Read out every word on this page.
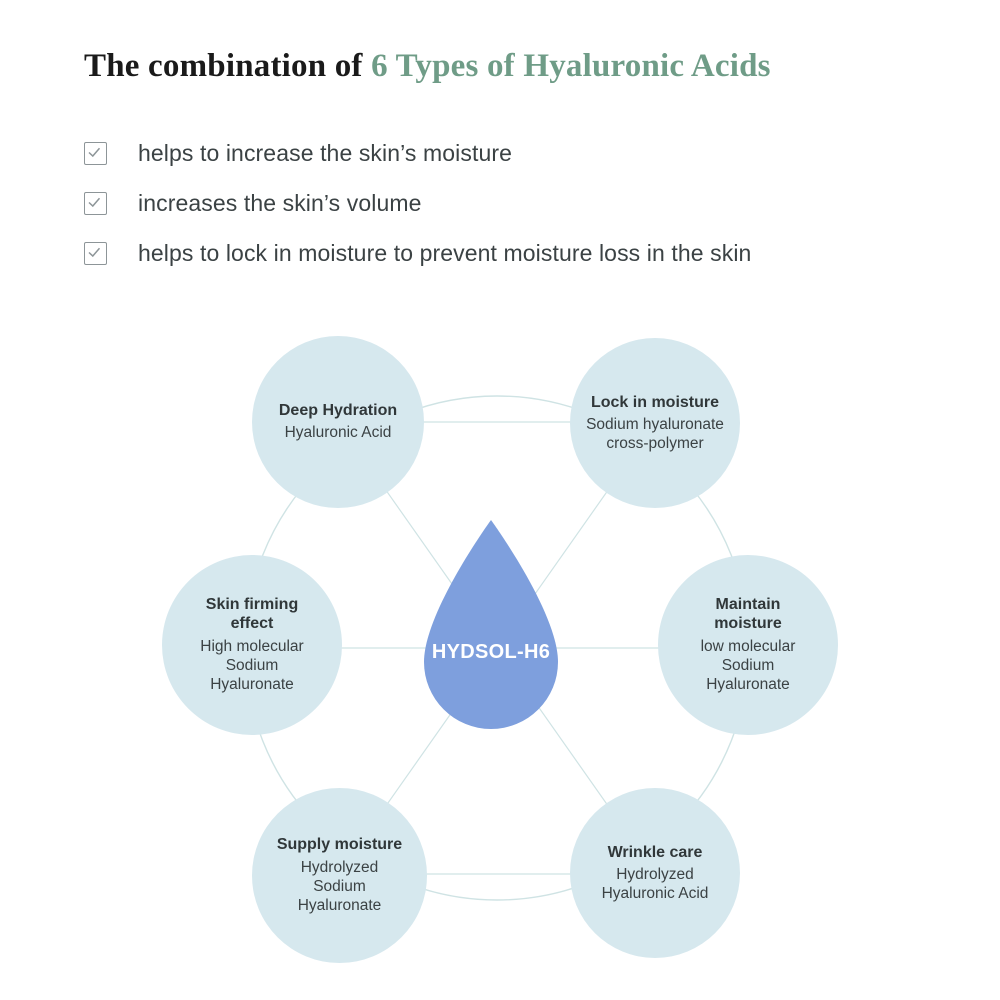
The combination of 6 Types of Hyaluronic Acids
helps to increase the skin’s moisture
increases the skin’s volume
helps to lock in moisture to prevent moisture loss in the skin
Deep Hydration
Hyaluronic Acid
Lock in moisture
Sodium hyaluronate
cross-polymer
Maintain
moisture
low molecular
Sodium
Hyaluronate
Wrinkle care
Hydrolyzed
Hyaluronic Acid
Supply moisture
Hydrolyzed
Sodium
Hyaluronate
Skin firming
effect
High molecular
Sodium
Hyaluronate
HYDSOL-H6
